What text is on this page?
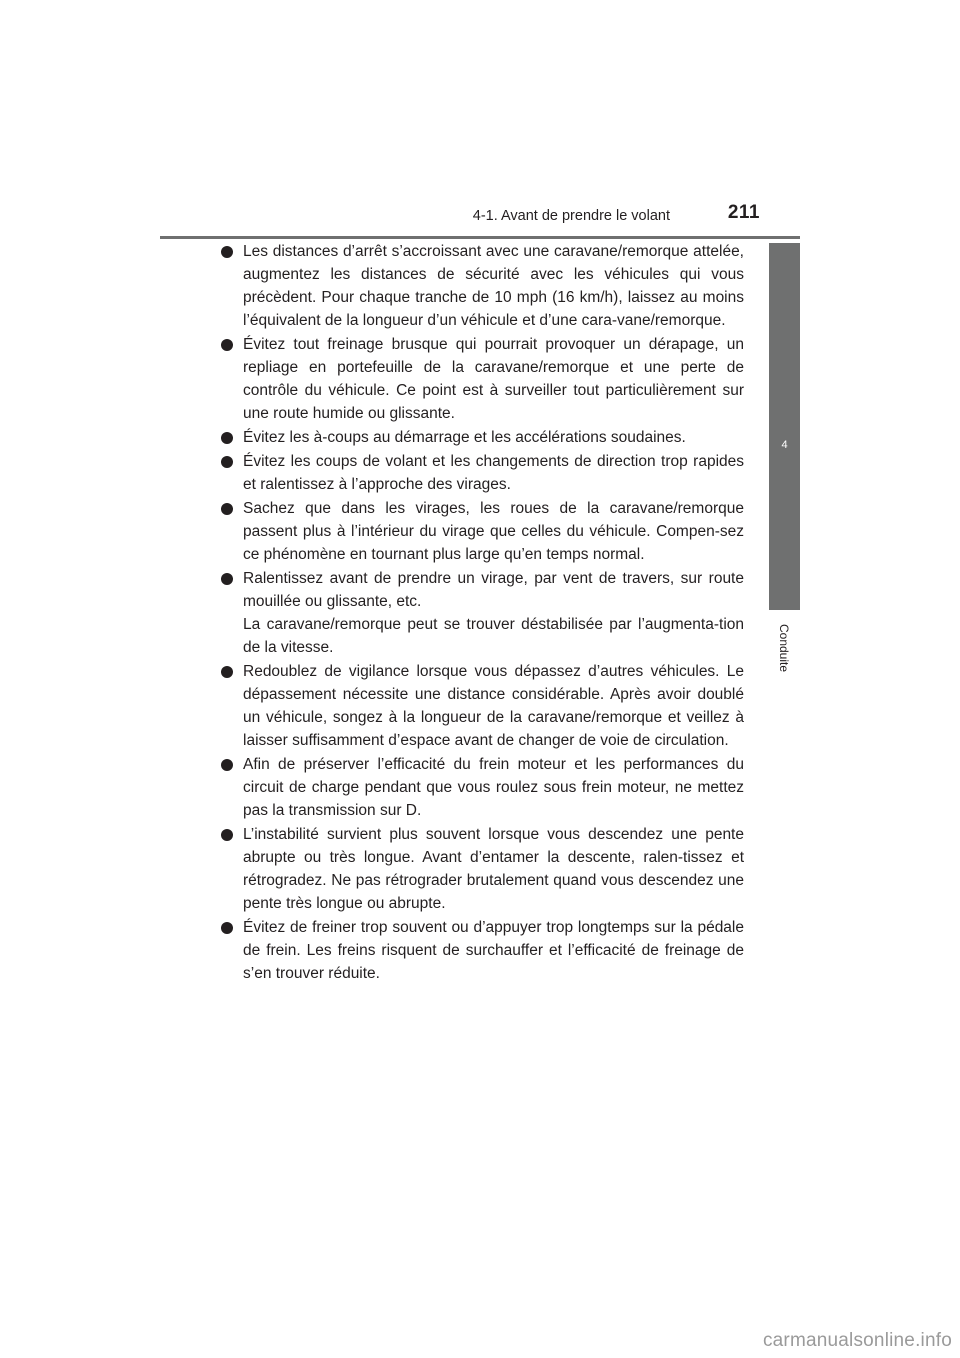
4-1. Avant de prendre le volant	211
4
Conduite
Les distances d’arrêt s’accroissant avec une caravane/remorque attelée, augmentez les distances de sécurité avec les véhicules qui vous précèdent. Pour chaque tranche de 10 mph (16 km/h), laissez au moins l’équivalent de la longueur d’un véhicule et d’une cara-vane/remorque.
Évitez tout freinage brusque qui pourrait provoquer un dérapage, un repliage en portefeuille de la caravane/remorque et une perte de contrôle du véhicule. Ce point est à surveiller tout particulièrement sur une route humide ou glissante.
Évitez les à-coups au démarrage et les accélérations soudaines.
Évitez les coups de volant et les changements de direction trop rapides et ralentissez à l’approche des virages.
Sachez que dans les virages, les roues de la caravane/remorque passent plus à l’intérieur du virage que celles du véhicule. Compen-sez ce phénomène en tournant plus large qu’en temps normal.
Ralentissez avant de prendre un virage, par vent de travers, sur route mouillée ou glissante, etc.
La caravane/remorque peut se trouver déstabilisée par l’augmenta-tion de la vitesse.
Redoublez de vigilance lorsque vous dépassez d’autres véhicules. Le dépassement nécessite une distance considérable. Après avoir doublé un véhicule, songez à la longueur de la caravane/remorque et veillez à laisser suffisamment d’espace avant de changer de voie de circulation.
Afin de préserver l’efficacité du frein moteur et les performances du circuit de charge pendant que vous roulez sous frein moteur, ne mettez pas la transmission sur D.
L’instabilité survient plus souvent lorsque vous descendez une pente abrupte ou très longue. Avant d’entamer la descente, ralen-tissez et rétrogradez. Ne pas rétrograder brutalement quand vous descendez une pente très longue ou abrupte.
Évitez de freiner trop souvent ou d’appuyer trop longtemps sur la pédale de frein. Les freins risquent de surchauffer et l’efficacité de freinage de s’en trouver réduite.
carmanualsonline.info
